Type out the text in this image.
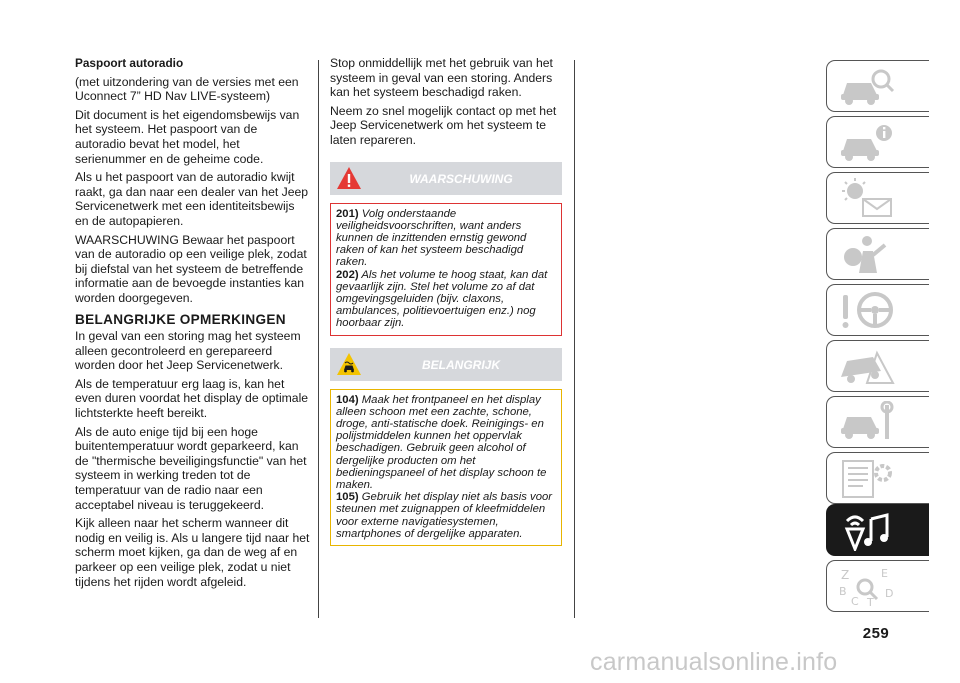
Paspoort autoradio

(met uitzondering van de versies met een Uconnect 7” HD Nav LIVE-systeem)

Dit document is het eigendomsbewijs van het systeem. Het paspoort van de autoradio bevat het model, het serienummer en de geheime code.

Als u het paspoort van de autoradio kwijt raakt, ga dan naar een dealer van het Jeep Servicenetwerk met een identiteitsbewijs en de autopapieren.

WAARSCHUWING Bewaar het paspoort van de autoradio op een veilige plek, zodat bij diefstal van het systeem de betreffende informatie aan de bevoegde instanties kan worden doorgegeven.

BELANGRIJKE OPMERKINGEN

In geval van een storing mag het systeem alleen gecontroleerd en gerepareerd worden door het Jeep Servicenetwerk.

Als de temperatuur erg laag is, kan het even duren voordat het display de optimale lichtsterkte heeft bereikt.

Als de auto enige tijd bij een hoge buitentemperatuur wordt geparkeerd, kan de "thermische beveiligingsfunctie" van het systeem in werking treden tot de temperatuur van de radio naar een acceptabel niveau is teruggekeerd.

Kijk alleen naar het scherm wanneer dit nodig en veilig is. Als u langere tijd naar het scherm moet kijken, ga dan de weg af en parkeer op een veilige plek, zodat u niet tijdens het rijden wordt afgeleid.

Stop onmiddellijk met het gebruik van het systeem in geval van een storing. Anders kan het systeem beschadigd raken.

Neem zo snel mogelijk contact op met het Jeep Servicenetwerk om het systeem te laten repareren.

WAARSCHUWING

201) Volg onderstaande veiligheidsvoorschriften, want anders kunnen de inzittenden ernstig gewond raken of kan het systeem beschadigd raken.

202) Als het volume te hoog staat, kan dat gevaarlijk zijn. Stel het volume zo af dat omgevingsgeluiden (bijv. claxons, ambulances, politievoertuigen enz.) nog hoorbaar zijn.

BELANGRIJK

104) Maak het frontpaneel en het display alleen schoon met een zachte, schone, droge, anti-statische doek. Reinigings- en polijstmiddelen kunnen het oppervlak beschadigen. Gebruik geen alcohol of dergelijke producten om het bedieningspaneel of het display schoon te maken.

105) Gebruik het display niet als basis voor steunen met zuignappen of kleefmiddelen voor externe navigatiesystemen, smartphones of dergelijke apparaten.

Z	E
B	D
C T
259
carmanualsonline.info
